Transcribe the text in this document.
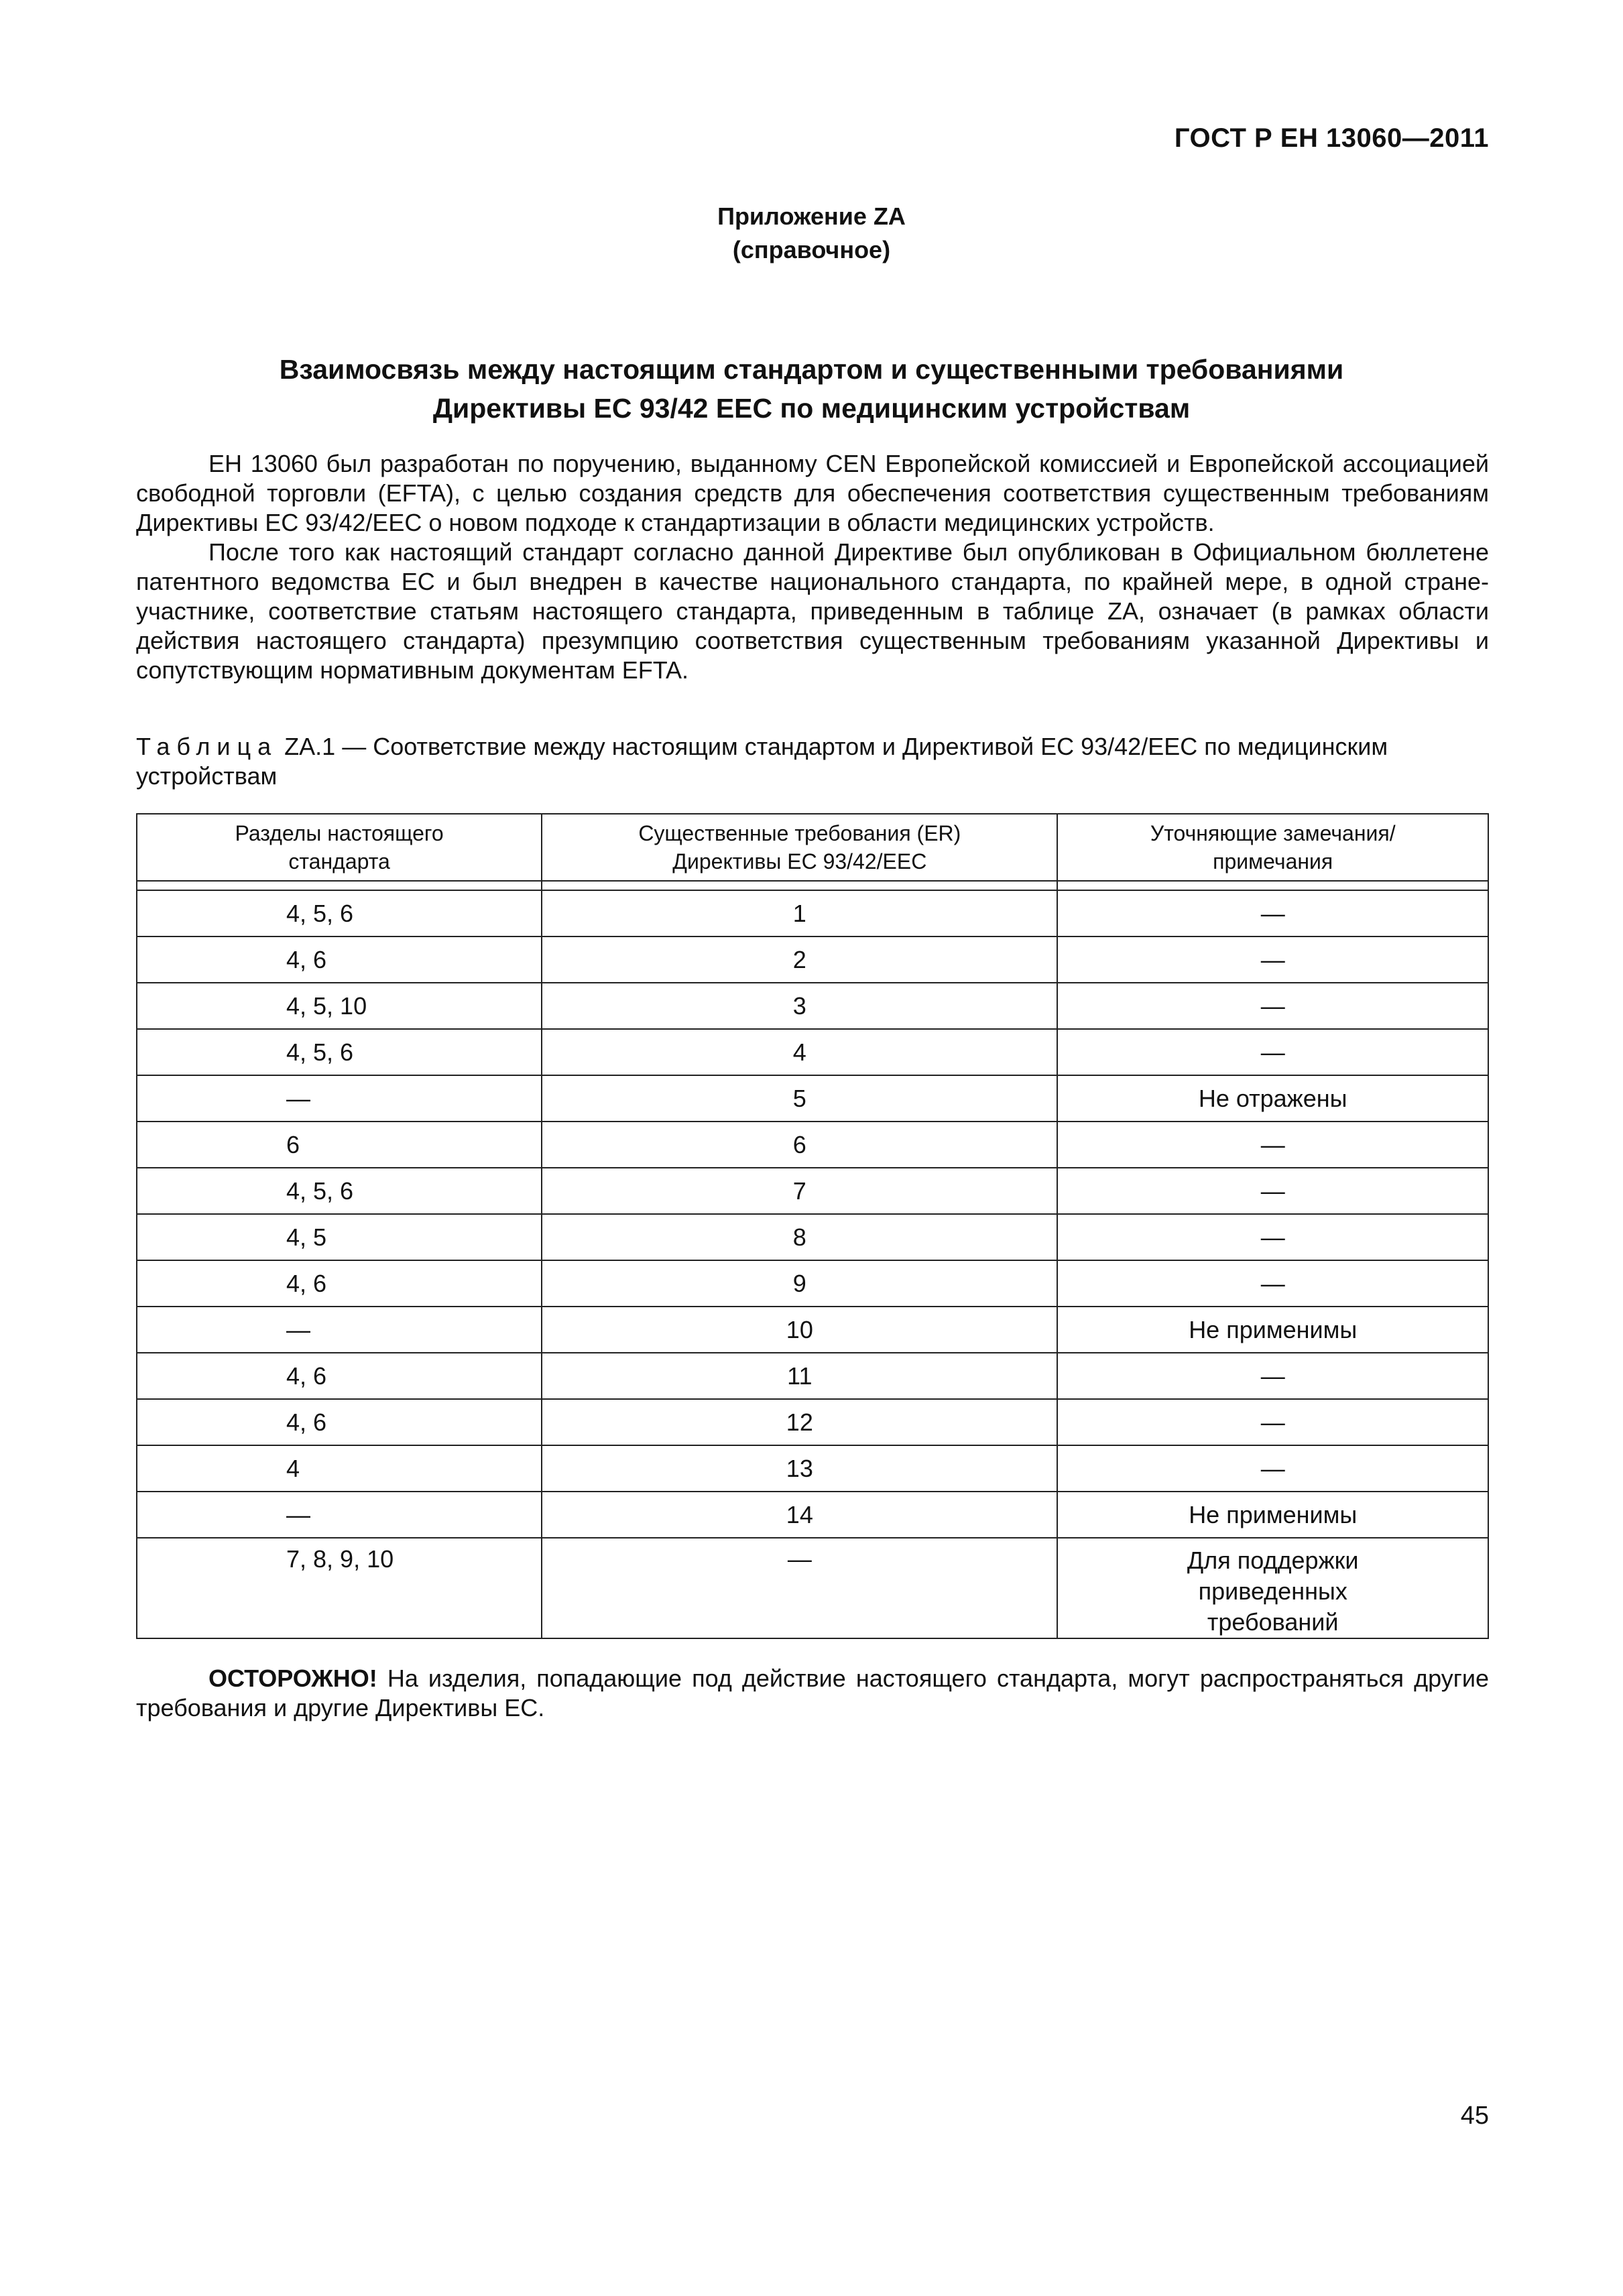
ГОСТ Р ЕН 13060—2011
Приложение ZA
(справочное)
Взаимосвязь между настоящим стандартом и существенными требованиями
Директивы ЕС 93/42 ЕЕС по медицинским устройствам

ЕН 13060 был разработан по поручению, выданному CEN Европейской комиссией и Европейской ассоциацией свободной торговли (EFTA), с целью создания средств для обеспечения соответствия существенным требованиям Директивы ЕС 93/42/ЕЕС о новом подходе к стандартизации в области медицинских устройств.

После того как настоящий стандарт согласно данной Директиве был опубликован в Официальном бюллетене патентного ведомства ЕС и был внедрен в качестве национального стандарта, по крайней мере, в одной стране-участнике, соответствие статьям настоящего стандарта, приведенным в таблице ZA, означает (в рамках области действия настоящего стандарта) презумпцию соответствия существенным требованиям указанной Директивы и сопутствующим нормативным документам EFTA.

Таблица ZA.1 — Соответствие между настоящим стандартом и Директивой ЕС 93/42/ЕЕС по медицинским устройствам
Разделы настоящего стандарта	Существенные требования (ER) Директивы ЕС 93/42/ЕЕС	Уточняющие замечания/примечания

4, 5, 6	1	—

4, 6	2	—

4, 5, 10	3	—

4, 5, 6	4	—

—	5	Не отражены

6	6	—

4, 5, 6	7	—

4, 5	8	—

4, 6	9	—

—	10	Не применимы

4, 6	11	—

4, 6	12	—

4	13	—

—	14	Не применимы

7, 8, 9, 10	—	Для поддержки приведенных требований
ОСТОРОЖНО! На изделия, попадающие под действие настоящего стандарта, могут распространяться другие требования и другие Директивы ЕС.
45
